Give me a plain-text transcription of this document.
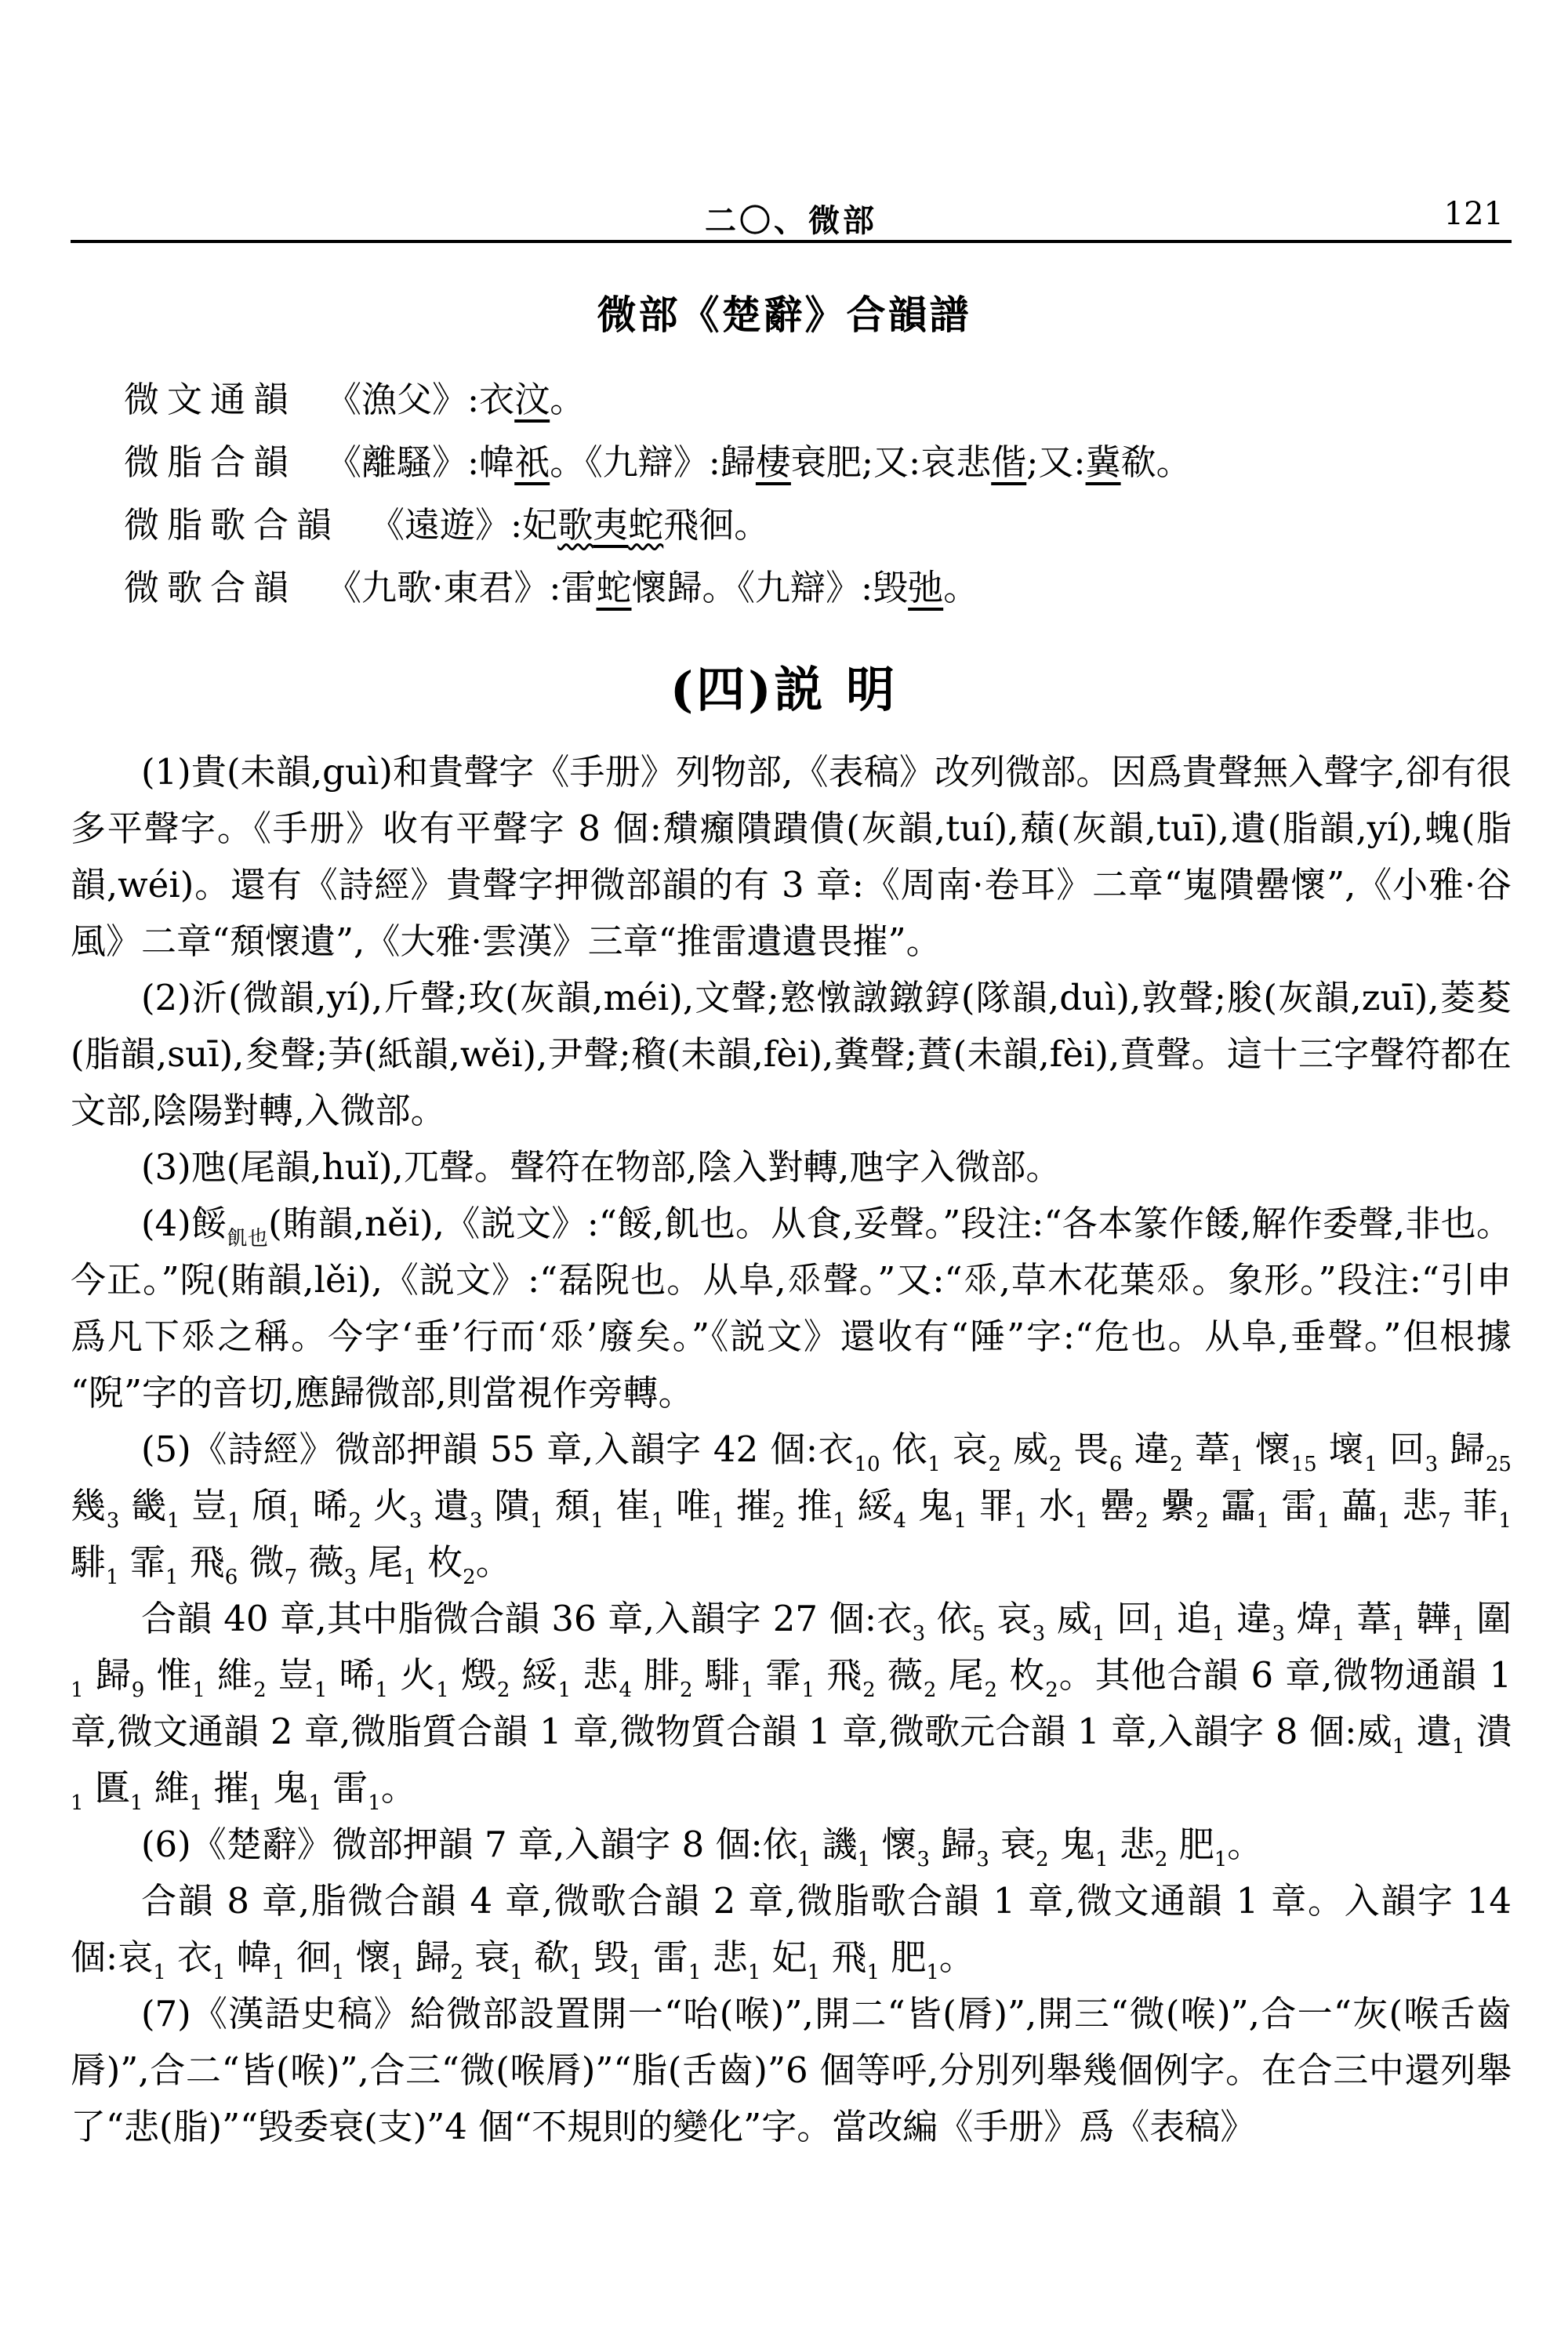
二〇、微部	121
微部《楚辭》合韻譜
微文通韻 《漁父》:衣汶。
微脂合韻 《離騷》:幃祇。《九辯》:歸棲衰肥;又:哀悲偕;又:冀欷。
微脂歌合韻 《遠遊》:妃歌夷蛇飛徊。
微歌合韻 《九歌·東君》:雷蛇懷歸。《九辯》:毁弛。
(四)説 明

(1)貴(未韻,guì)和貴聲字《手册》列物部,《表稿》改列微部。因爲貴聲無入聲字,卻有很多平聲字。《手册》收有平聲字 8 個:穨㿗隤蹪僓(灰韻,tuí),蘈(灰韻,tuī),遺(脂韻,yí),螝(脂韻,wéi)。還有《詩經》貴聲字押微部韻的有 3 章:《周南·卷耳》二章“嵬隤罍懷”,《小雅·谷風》二章“頹懷遺”,《大雅·雲漢》三章“推雷遺遺畏摧”。

(2)沂(微韻,yí),斤聲;玫(灰韻,méi),文聲;憝憞譈鐓錞(隊韻,duì),敦聲;脧(灰韻,zuī),菱荾(脂韻,suī),夋聲;芛(紙韻,wěi),尹聲;䆅(未韻,fèi),糞聲;蕡(未韻,fèi),賁聲。這十三字聲符都在文部,陰陽對轉,入微部。

(3)虺(尾韻,huǐ),兀聲。聲符在物部,陰入對轉,虺字入微部。

(4)餒$_{飢也}$(賄韻,něi),《説文》:“餒,飢也。从食,妥聲。”段注:“各本篆作餧,解作委聲,非也。今正。”𨺙(賄韻,lěi),《説文》:“磊𨺙也。从阜,𠂹聲。”又:“𠂹,草木花葉𠂹。象形。”段注:“引申爲凡下𠂹之稱。今字‘垂’行而‘𠂹’廢矣。”《説文》還收有“陲”字:“危也。从阜,垂聲。”但根據“𨺙”字的音切,應歸微部,則當視作旁轉。

(5)《詩經》微部押韻 55 章,入韻字 42 個:衣$_{10}$ 依$_1$ 哀$_2$ 威$_2$ 畏$_6$ 違$_2$ 葦$_1$ 懷$_{15}$ 壞$_1$ 回$_3$ 歸$_{25}$ 幾$_3$ 畿$_1$ 豈$_1$ 頎$_1$ 晞$_2$ 火$_3$ 遺$_3$ 隤$_1$ 頹$_1$ 崔$_1$ 唯$_1$ 摧$_2$ 推$_1$ 綏$_4$ 鬼$_1$ 罪$_1$ 水$_1$ 罍$_2$ 纍$_2$ 靁$_1$ 雷$_1$ 藟$_1$ 悲$_7$ 菲$_1$ 騑$_1$ 霏$_1$ 飛$_6$ 微$_7$ 薇$_3$ 尾$_1$ 枚$_2$。

合韻 40 章,其中脂微合韻 36 章,入韻字 27 個:衣$_3$ 依$_5$ 哀$_3$ 威$_1$ 回$_1$ 追$_1$ 違$_3$ 煒$_1$ 葦$_1$ 韡$_1$ 圍$_1$ 歸$_9$ 惟$_1$ 維$_2$ 豈$_1$ 晞$_1$ 火$_1$ 燬$_2$ 綏$_1$ 悲$_4$ 腓$_2$ 騑$_1$ 霏$_1$ 飛$_2$ 薇$_2$ 尾$_2$ 枚$_2$。其他合韻 6 章,微物通韻 1 章,微文通韻 2 章,微脂質合韻 1 章,微物質合韻 1 章,微歌元合韻 1 章,入韻字 8 個:威$_1$ 遺$_1$ 潰$_1$ 匱$_1$ 維$_1$ 摧$_1$ 鬼$_1$ 雷$_1$。

(6)《楚辭》微部押韻 7 章,入韻字 8 個:依$_1$ 譏$_1$ 懷$_3$ 歸$_3$ 衰$_2$ 鬼$_1$ 悲$_2$ 肥$_1$。

合韻 8 章,脂微合韻 4 章,微歌合韻 2 章,微脂歌合韻 1 章,微文通韻 1 章。入韻字 14 個:哀$_1$ 衣$_1$ 幃$_1$ 徊$_1$ 懷$_1$ 歸$_2$ 衰$_1$ 欷$_1$ 毁$_1$ 雷$_1$ 悲$_1$ 妃$_1$ 飛$_1$ 肥$_1$。

(7)《漢語史稿》給微部設置開一“咍(喉)”,開二“皆(脣)”,開三“微(喉)”,合一“灰(喉舌齒脣)”,合二“皆(喉)”,合三“微(喉脣)”“脂(舌齒)”6 個等呼,分別列舉幾個例字。在合三中還列舉了“悲(脂)”“毁委衰(支)”4 個“不規則的變化”字。當改編《手册》爲《表稿》
